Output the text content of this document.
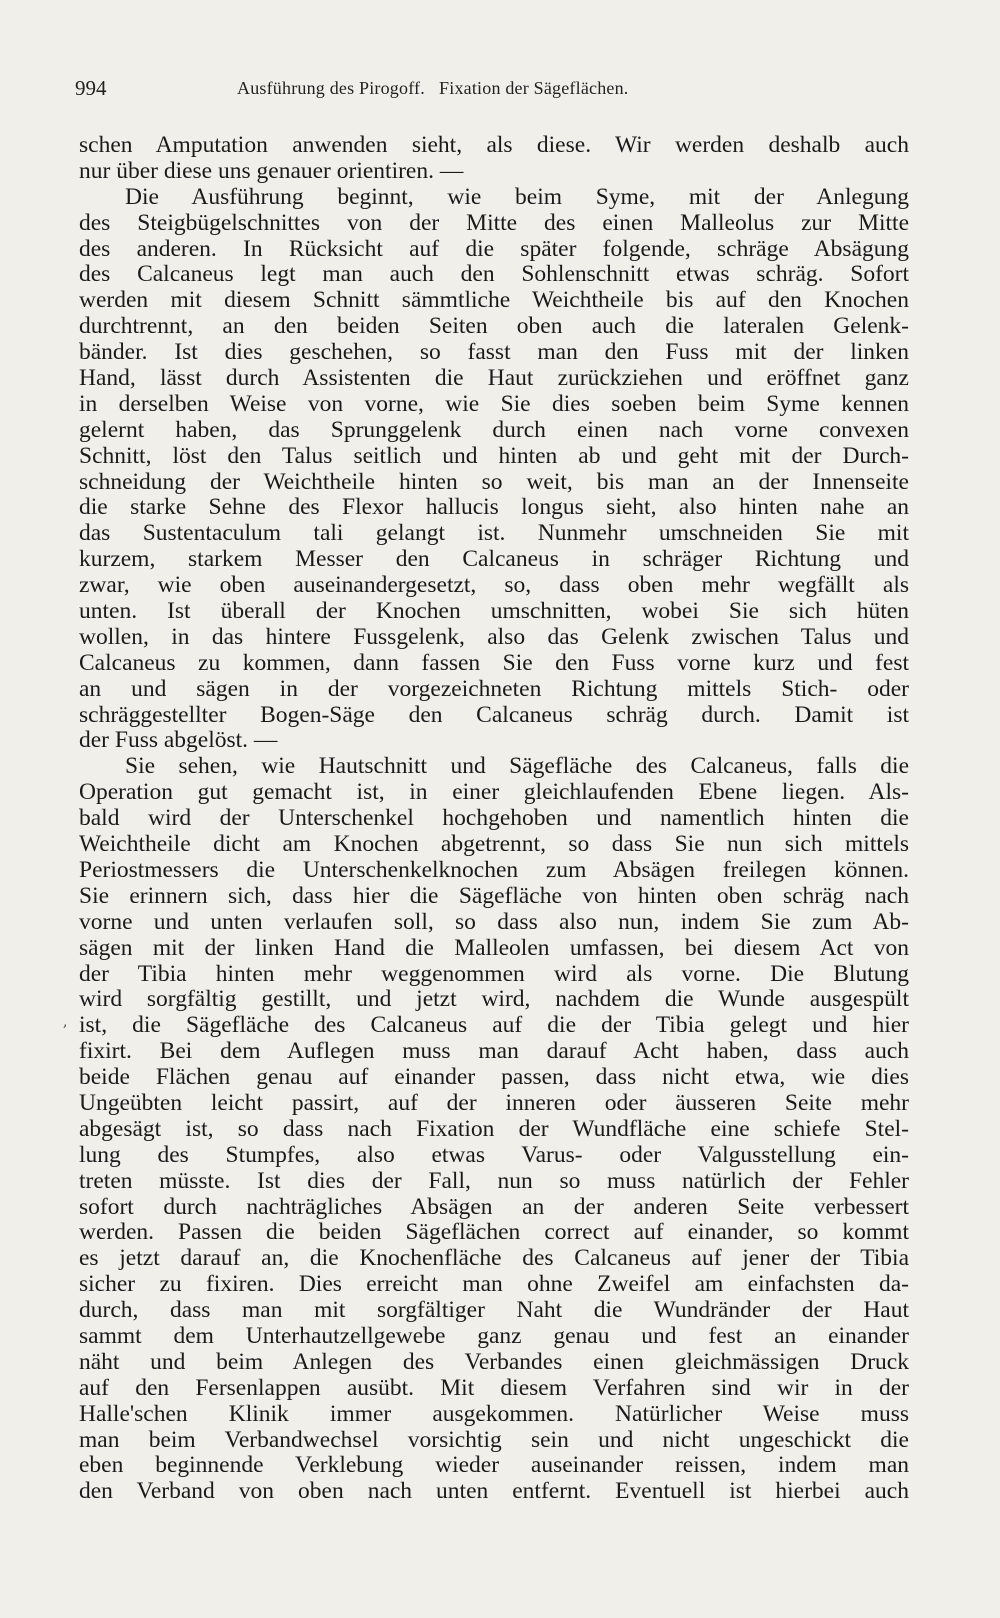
994	Ausführung des Pirogoff.   Fixation der Sägeflächen.
,
schen Amputation anwenden sieht, als diese. Wir werden deshalb auch
nur über diese uns genauer orientiren. —
Die Ausführung beginnt, wie beim Syme, mit der Anlegung
des Steigbügelschnittes von der Mitte des einen Malleolus zur Mitte
des anderen. In Rücksicht auf die später folgende, schräge Absägung
des Calcaneus legt man auch den Sohlenschnitt etwas schräg. Sofort
werden mit diesem Schnitt sämmtliche Weichtheile bis auf den Knochen
durchtrennt, an den beiden Seiten oben auch die lateralen Gelenk-
bänder. Ist dies geschehen, so fasst man den Fuss mit der linken
Hand, lässt durch Assistenten die Haut zurückziehen und eröffnet ganz
in derselben Weise von vorne, wie Sie dies soeben beim Syme kennen
gelernt haben, das Sprunggelenk durch einen nach vorne convexen
Schnitt, löst den Talus seitlich und hinten ab und geht mit der Durch-
schneidung der Weichtheile hinten so weit, bis man an der Innenseite
die starke Sehne des Flexor hallucis longus sieht, also hinten nahe an
das Sustentaculum tali gelangt ist. Nunmehr umschneiden Sie mit
kurzem, starkem Messer den Calcaneus in schräger Richtung und
zwar, wie oben auseinandergesetzt, so, dass oben mehr wegfällt als
unten. Ist überall der Knochen umschnitten, wobei Sie sich hüten
wollen, in das hintere Fussgelenk, also das Gelenk zwischen Talus und
Calcaneus zu kommen, dann fassen Sie den Fuss vorne kurz und fest
an und sägen in der vorgezeichneten Richtung mittels Stich- oder
schräggestellter Bogen-Säge den Calcaneus schräg durch. Damit ist
der Fuss abgelöst. —
Sie sehen, wie Hautschnitt und Sägefläche des Calcaneus, falls die
Operation gut gemacht ist, in einer gleichlaufenden Ebene liegen. Als-
bald wird der Unterschenkel hochgehoben und namentlich hinten die
Weichtheile dicht am Knochen abgetrennt, so dass Sie nun sich mittels
Periostmessers die Unterschenkelknochen zum Absägen freilegen können.
Sie erinnern sich, dass hier die Sägefläche von hinten oben schräg nach
vorne und unten verlaufen soll, so dass also nun, indem Sie zum Ab-
sägen mit der linken Hand die Malleolen umfassen, bei diesem Act von
der Tibia hinten mehr weggenommen wird als vorne. Die Blutung
wird sorgfältig gestillt, und jetzt wird, nachdem die Wunde ausgespült
ist, die Sägefläche des Calcaneus auf die der Tibia gelegt und hier
fixirt. Bei dem Auflegen muss man darauf Acht haben, dass auch
beide Flächen genau auf einander passen, dass nicht etwa, wie dies
Ungeübten leicht passirt, auf der inneren oder äusseren Seite mehr
abgesägt ist, so dass nach Fixation der Wundfläche eine schiefe Stel-
lung des Stumpfes, also etwas Varus- oder Valgusstellung ein-
treten müsste. Ist dies der Fall, nun so muss natürlich der Fehler
sofort durch nachträgliches Absägen an der anderen Seite verbessert
werden. Passen die beiden Sägeflächen correct auf einander, so kommt
es jetzt darauf an, die Knochenfläche des Calcaneus auf jener der Tibia
sicher zu fixiren. Dies erreicht man ohne Zweifel am einfachsten da-
durch, dass man mit sorgfältiger Naht die Wundränder der Haut
sammt dem Unterhautzellgewebe ganz genau und fest an einander
näht und beim Anlegen des Verbandes einen gleichmässigen Druck
auf den Fersenlappen ausübt. Mit diesem Verfahren sind wir in der
Halle'schen Klinik immer ausgekommen. Natürlicher Weise muss
man beim Verbandwechsel vorsichtig sein und nicht ungeschickt die
eben beginnende Verklebung wieder auseinander reissen, indem man
den Verband von oben nach unten entfernt. Eventuell ist hierbei auch
